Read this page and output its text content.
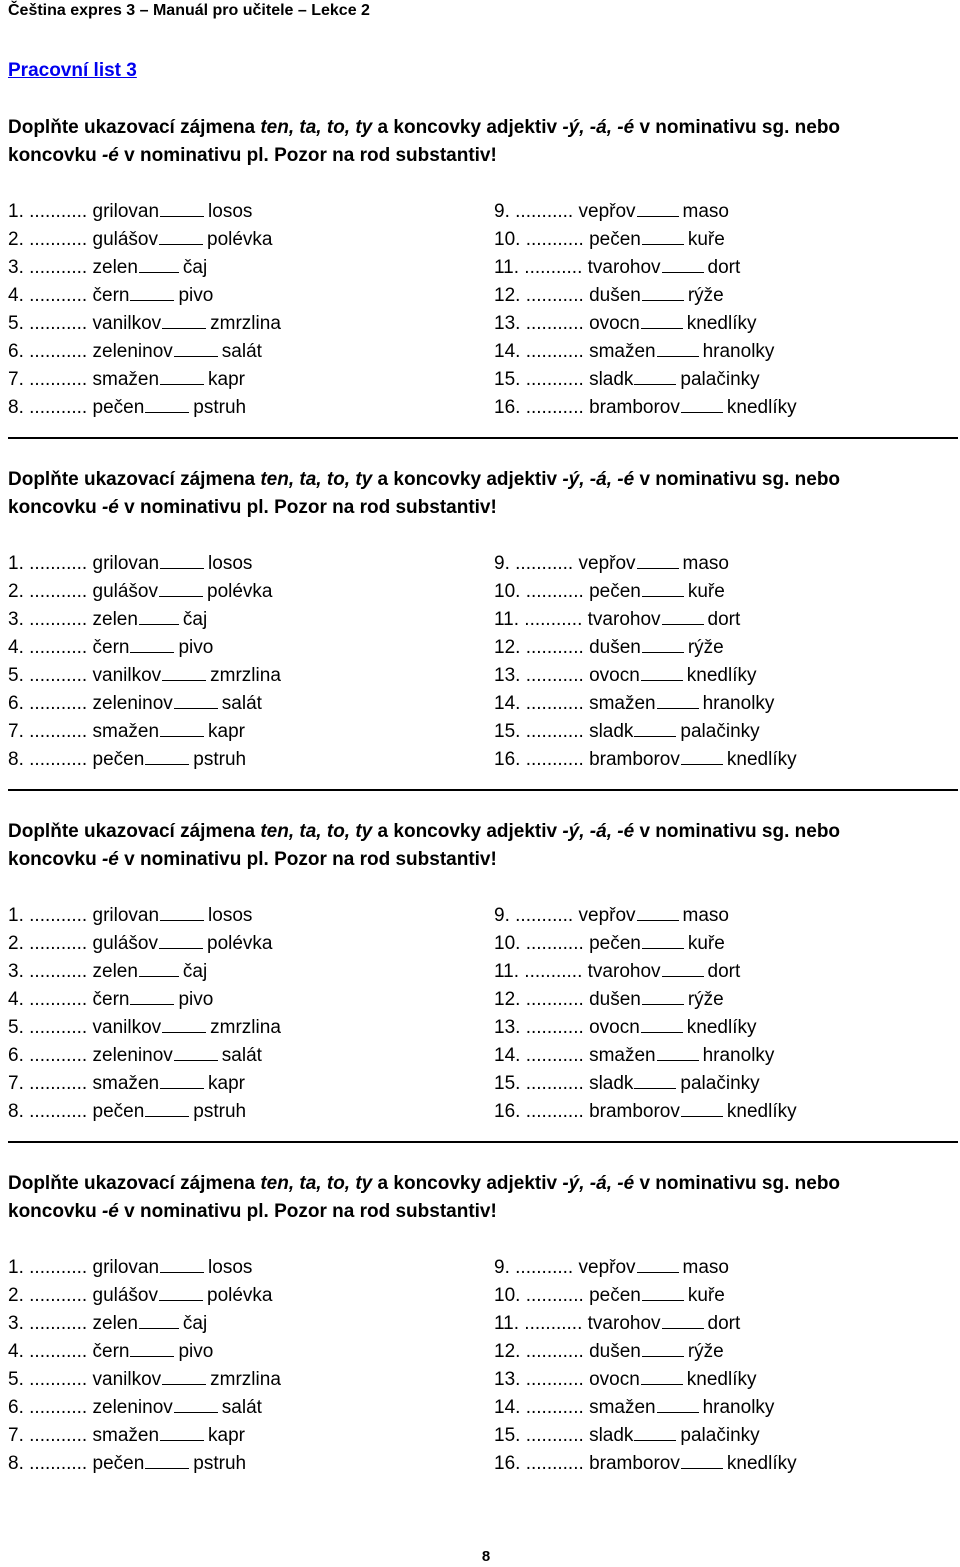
Čeština expres 3 – Manuál pro učitele – Lekce 2
Pracovní list 3

Doplňte ukazovací zájmena ten, ta, to, ty a koncovky adjektiv -ý, -á, -é v nominativu sg. nebo
koncovku -é v nominativu pl. Pozor na rod substantiv!

1. ........... grilovan	losos
2. ........... gulášov	polévka
3. ........... zelen čaj
4. ........... čern	pivo
5. ........... vanilkov	zmrzlina
6. ........... zeleninov	salát
7. ........... smažen	kapr
8. ........... pečen	pstruh
9. ........... vepřov maso
10. ........... pečen kuře
11. ........... tvarohov dort
12. ........... dušen rýže
13. ........... ovocn knedlíky
14. ........... smažen hranolky
15. ........... sladk palačinky
16. ........... bramborov knedlíky

Doplňte ukazovací zájmena ten, ta, to, ty a koncovky adjektiv -ý, -á, -é v nominativu sg. nebo
koncovku -é v nominativu pl. Pozor na rod substantiv!

1. ........... grilovan	losos
2. ........... gulášov	polévka
3. ........... zelen čaj
4. ........... čern	pivo
5. ........... vanilkov	zmrzlina
6. ........... zeleninov	salát
7. ........... smažen	kapr
8. ........... pečen	pstruh
9. ........... vepřov maso
10. ........... pečen kuře
11. ........... tvarohov dort
12. ........... dušen rýže
13. ........... ovocn knedlíky
14. ........... smažen hranolky
15. ........... sladk palačinky
16. ........... bramborov knedlíky

Doplňte ukazovací zájmena ten, ta, to, ty a koncovky adjektiv -ý, -á, -é v nominativu sg. nebo
koncovku -é v nominativu pl. Pozor na rod substantiv!

1. ........... grilovan	losos
2. ........... gulášov	polévka
3. ........... zelen čaj
4. ........... čern	pivo
5. ........... vanilkov	zmrzlina
6. ........... zeleninov	salát
7. ........... smažen	kapr
8. ........... pečen	pstruh
9. ........... vepřov maso
10. ........... pečen kuře
11. ........... tvarohov dort
12. ........... dušen rýže
13. ........... ovocn knedlíky
14. ........... smažen hranolky
15. ........... sladk palačinky
16. ........... bramborov knedlíky

Doplňte ukazovací zájmena ten, ta, to, ty a koncovky adjektiv -ý, -á, -é v nominativu sg. nebo
koncovku -é v nominativu pl. Pozor na rod substantiv!

1. ........... grilovan	losos
2. ........... gulášov	polévka
3. ........... zelen čaj
4. ........... čern	pivo
5. ........... vanilkov	zmrzlina
6. ........... zeleninov	salát
7. ........... smažen	kapr
8. ........... pečen	pstruh
9. ........... vepřov maso
10. ........... pečen kuře
11. ........... tvarohov dort
12. ........... dušen rýže
13. ........... ovocn knedlíky
14. ........... smažen hranolky
15. ........... sladk palačinky
16. ........... bramborov knedlíky
8
